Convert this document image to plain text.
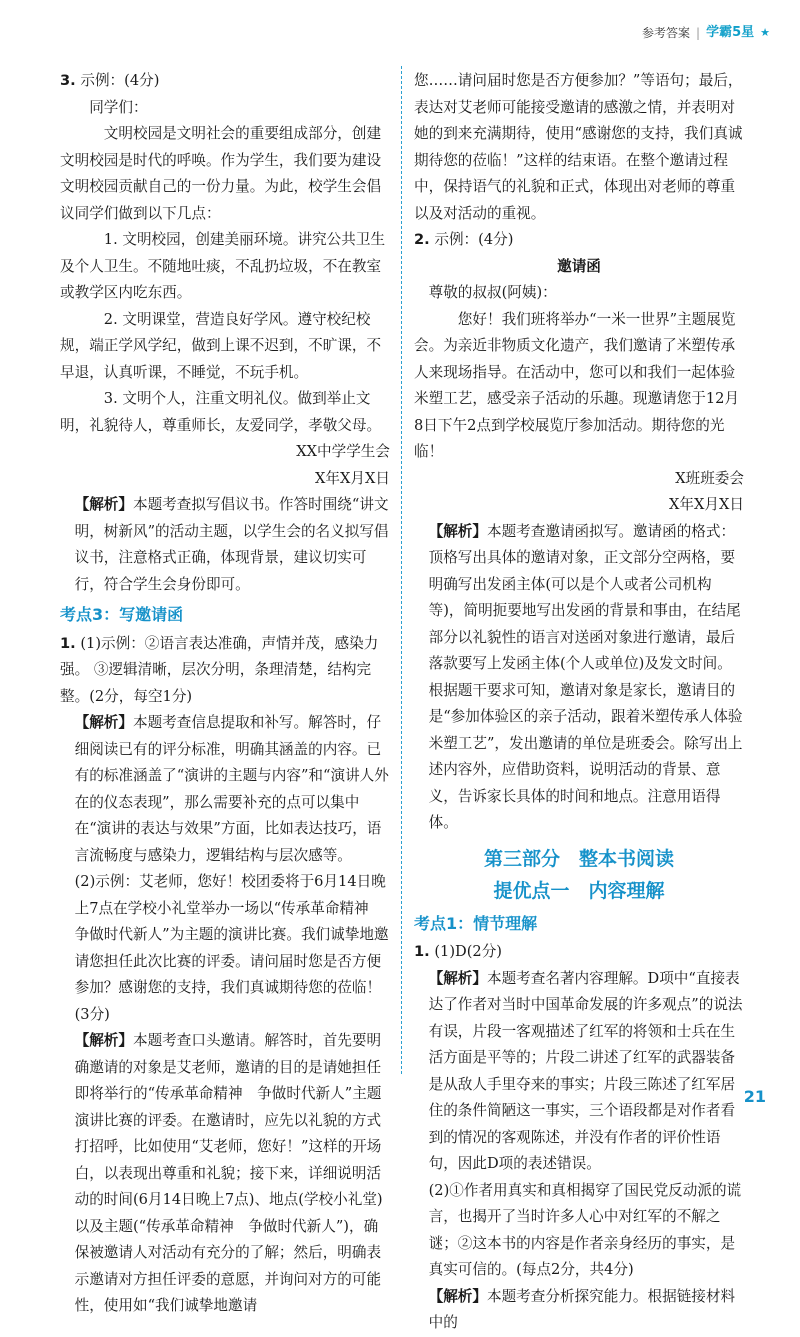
参考答案 | 学霸5星 ★

3. 示例：(4分)

同学们：

文明校园是文明社会的重要组成部分，创建文明校园是时代的呼唤。作为学生，我们要为建设文明校园贡献自己的一份力量。为此，校学生会倡议同学们做到以下几点：

1. 文明校园，创建美丽环境。讲究公共卫生及个人卫生。不随地吐痰，不乱扔垃圾，不在教室或教学区内吃东西。

2. 文明课堂，营造良好学风。遵守校纪校规，端正学风学纪，做到上课不迟到，不旷课，不早退，认真听课，不睡觉，不玩手机。

3. 文明个人，注重文明礼仪。做到举止文明，礼貌待人，尊重师长，友爱同学，孝敬父母。

XX中学学生会

X年X月X日

【解析】本题考查拟写倡议书。作答时围绕“讲文明，树新风”的活动主题，以学生会的名义拟写倡议书，注意格式正确，体现背景，建议切实可行，符合学生会身份即可。

考点3：写邀请函

1. (1)示例：②语言表达准确，声情并茂，感染力强。 ③逻辑清晰，层次分明，条理清楚，结构完整。(2分，每空1分)

【解析】本题考查信息提取和补写。解答时，仔细阅读已有的评分标准，明确其涵盖的内容。已有的标准涵盖了“演讲的主题与内容”和“演讲人外在的仪态表现”，那么需要补充的点可以集中在“演讲的表达与效果”方面，比如表达技巧，语言流畅度与感染力，逻辑结构与层次感等。

(2)示例：艾老师，您好！校团委将于6月14日晚上7点在学校小礼堂举办一场以“传承革命精神　争做时代新人”为主题的演讲比赛。我们诚挚地邀请您担任此次比赛的评委。请问届时您是否方便参加？感谢您的支持，我们真诚期待您的莅临！(3分)

【解析】本题考查口头邀请。解答时，首先要明确邀请的对象是艾老师，邀请的目的是请她担任即将举行的“传承革命精神　争做时代新人”主题演讲比赛的评委。在邀请时，应先以礼貌的方式打招呼，比如使用“艾老师，您好！”这样的开场白，以表现出尊重和礼貌；接下来，详细说明活动的时间(6月14日晚上7点)、地点(学校小礼堂)以及主题(“传承革命精神　争做时代新人”)，确保被邀请人对活动有充分的了解；然后，明确表示邀请对方担任评委的意愿，并询问对方的可能性，使用如“我们诚挚地邀请

您……请问届时您是否方便参加？”等语句；最后，表达对艾老师可能接受邀请的感激之情，并表明对她的到来充满期待，使用“感谢您的支持，我们真诚期待您的莅临！”这样的结束语。在整个邀请过程中，保持语气的礼貌和正式，体现出对老师的尊重以及对活动的重视。

2. 示例：(4分)

邀请函

尊敬的叔叔(阿姨)：

您好！我们班将举办“一米一世界”主题展览会。为亲近非物质文化遗产，我们邀请了米塑传承人来现场指导。在活动中，您可以和我们一起体验米塑工艺，感受亲子活动的乐趣。现邀请您于12月8日下午2点到学校展览厅参加活动。期待您的光临！

X班班委会

X年X月X日

【解析】本题考查邀请函拟写。邀请函的格式：顶格写出具体的邀请对象，正文部分空两格，要明确写出发函主体(可以是个人或者公司机构等)，简明扼要地写出发函的背景和事由，在结尾部分以礼貌性的语言对送函对象进行邀请，最后落款要写上发函主体(个人或单位)及发文时间。根据题干要求可知，邀请对象是家长，邀请目的是“参加体验区的亲子活动，跟着米塑传承人体验米塑工艺”，发出邀请的单位是班委会。除写出上述内容外，应借助资料，说明活动的背景、意义，告诉家长具体的时间和地点。注意用语得体。

第三部分　整本书阅读

提优点一　内容理解

考点1：情节理解

1. (1)D(2分)

【解析】本题考查名著内容理解。D项中“直接表达了作者对当时中国革命发展的许多观点”的说法有误，片段一客观描述了红军的将领和士兵在生活方面是平等的；片段二讲述了红军的武器装备是从敌人手里夺来的事实；片段三陈述了红军居住的条件简陋这一事实，三个语段都是对作者看到的情况的客观陈述，并没有作者的评价性语句，因此D项的表述错误。

(2)①作者用真实和真相揭穿了国民党反动派的谎言，也揭开了当时许多人心中对红军的不解之谜；②这本书的内容是作者亲身经历的事实，是真实可信的。(每点2分，共4分)

【解析】本题考查分析探究能力。根据链接材料中的

21
